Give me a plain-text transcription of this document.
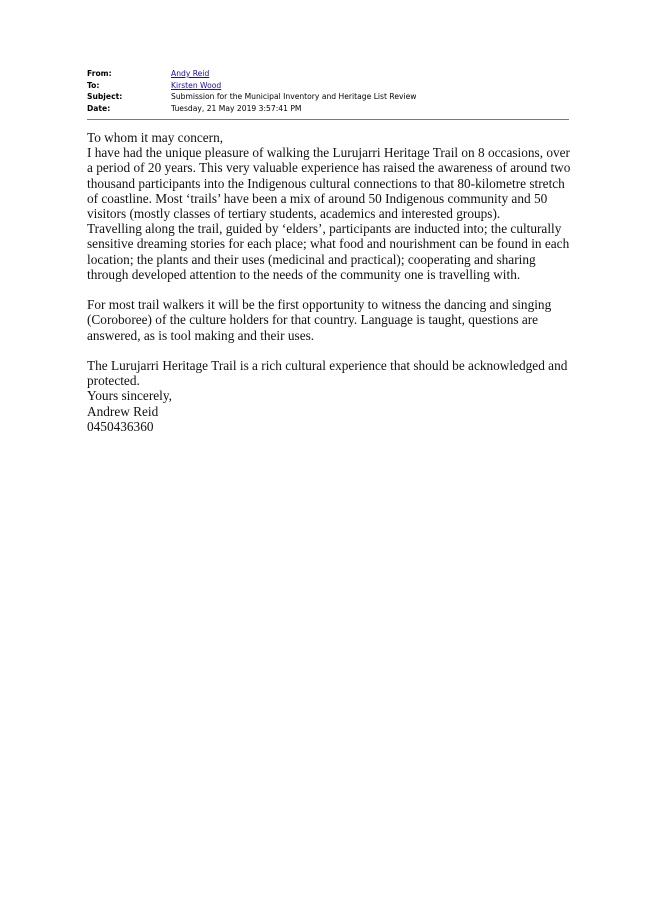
From:	Andy Reid
To:	Kirsten Wood
Subject:	Submission for the Municipal Inventory and Heritage List Review
Date:	Tuesday, 21 May 2019 3:57:41 PM

To whom it may concern,

I have had the unique pleasure of walking the Lurujarri Heritage Trail on 8 occasions, over a period of 20 years. This very valuable experience has raised the awareness of around two thousand participants into the Indigenous cultural connections to that 80-kilometre stretch of coastline. Most ‘trails’ have been a mix of around 50 Indigenous community and 50 visitors (mostly classes of tertiary students, academics and interested groups).

Travelling along the trail, guided by ‘elders’, participants are inducted into; the culturally sensitive dreaming stories for each place; what food and nourishment can be found in each location; the plants and their uses (medicinal and practical); cooperating and sharing through developed attention to the needs of the community one is travelling with.

For most trail walkers it will be the first opportunity to witness the dancing and singing (Coroboree) of the culture holders for that country. Language is taught, questions are answered, as is tool making and their uses.

The Lurujarri Heritage Trail is a rich cultural experience that should be acknowledged and protected.

Yours sincerely,

Andrew Reid

0450436360
